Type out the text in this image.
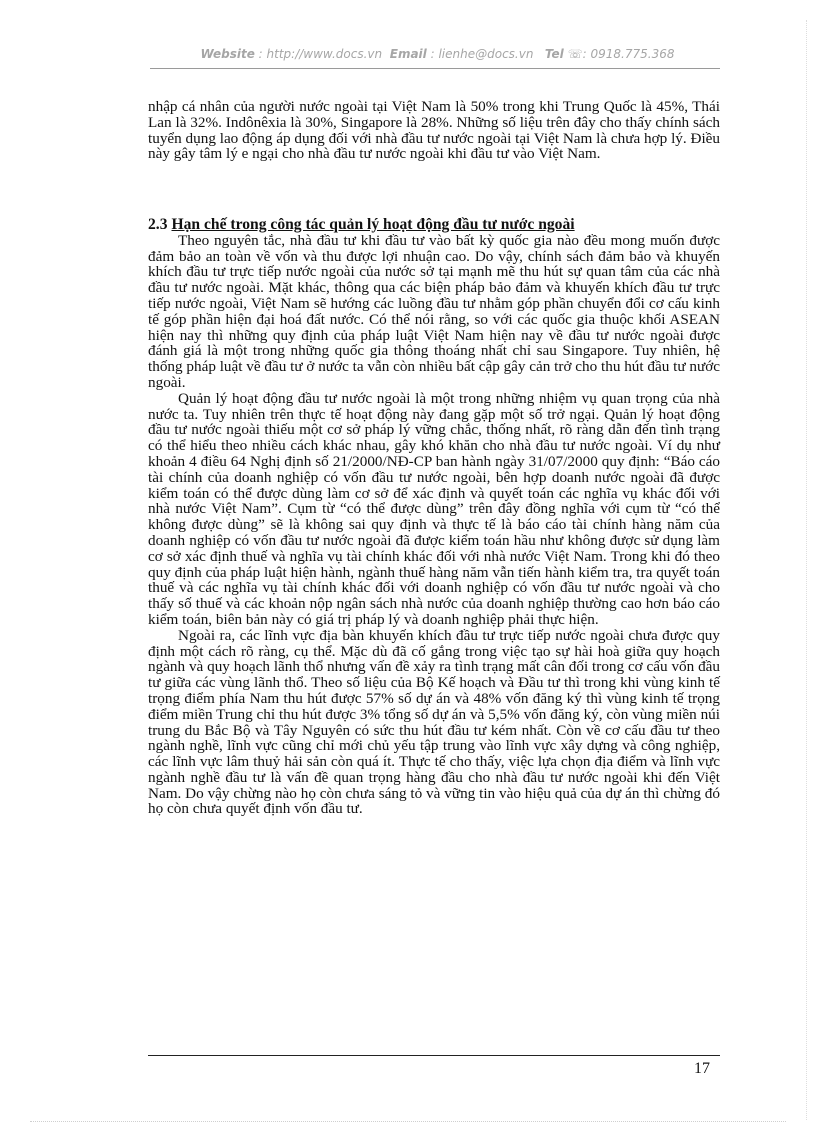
Website : http://www.docs.vn Email : lienhe@docs.vn Tel ☏: 0918.775.368

nhập cá nhân của người nước ngoài tại Việt Nam là 50% trong khi Trung Quốc là 45%, Thái Lan là 32%. Indônêxia là 30%, Singapore là 28%. Những số liệu trên đây cho thấy chính sách tuyển dụng lao động áp dụng đối với nhà đầu tư nước ngoài tại Việt Nam là chưa hợp lý. Điều này gây tâm lý e ngại cho nhà đầu tư nước ngoài khi đầu tư vào Việt Nam.

2.3 Hạn chế trong công tác quản lý hoạt động đầu tư nước ngoài

Theo nguyên tắc, nhà đầu tư khi đầu tư vào bất kỳ quốc gia nào đều mong muốn được đảm bảo an toàn về vốn và thu được lợi nhuận cao. Do vậy, chính sách đảm bảo và khuyến khích đầu tư trực tiếp nước ngoài của nước sở tại mạnh mẽ thu hút sự quan tâm của các nhà đầu tư nước ngoài. Mặt khác, thông qua các biện pháp bảo đảm và khuyến khích đầu tư trực tiếp nước ngoài, Việt Nam sẽ hướng các luồng đầu tư nhằm góp phần chuyển đổi cơ cấu kinh tế góp phần hiện đại hoá đất nước. Có thể nói rằng, so với các quốc gia thuộc khối ASEAN hiện nay thì những quy định của pháp luật Việt Nam hiện nay về đầu tư nước ngoài được đánh giá là một trong những quốc gia thông thoáng nhất chỉ sau Singapore. Tuy nhiên, hệ thống pháp luật về đầu tư ở nước ta vẫn còn nhiều bất cập gây cản trở cho thu hút đầu tư nước ngoài.

Quản lý hoạt động đầu tư nước ngoài là một trong những nhiệm vụ quan trọng của nhà nước ta. Tuy nhiên trên thực tế hoạt động này đang gặp một số trở ngại. Quản lý hoạt động đầu tư nước ngoài thiếu một cơ sở pháp lý vững chắc, thống nhất, rõ ràng dẫn đến tình trạng có thể hiểu theo nhiều cách khác nhau, gây khó khăn cho nhà đầu tư nước ngoài. Ví dụ như khoản 4 điều 64 Nghị định số 21/2000/NĐ-CP ban hành ngày 31/07/2000 quy định: “Báo cáo tài chính của doanh nghiệp có vốn đầu tư nước ngoài, bên hợp doanh nước ngoài đã được kiểm toán có thể được dùng làm cơ sở để xác định và quyết toán các nghĩa vụ khác đối với nhà nước Việt Nam”. Cụm từ “có thể được dùng” trên đây đồng nghĩa với cụm từ “có thể không được dùng” sẽ là không sai quy định và thực tế là báo cáo tài chính hàng năm của doanh nghiệp có vốn đầu tư nước ngoài đã được kiểm toán hầu như không được sử dụng làm cơ sở xác định thuế và nghĩa vụ tài chính khác đối với nhà nước Việt Nam. Trong khi đó theo quy định của pháp luật hiện hành, ngành thuế hàng năm vẫn tiến hành kiểm tra, tra quyết toán thuế và các nghĩa vụ tài chính khác đối với doanh nghiệp có vốn đầu tư nước ngoài và cho thấy số thuế và các khoản nộp ngân sách nhà nước của doanh nghiệp thường cao hơn báo cáo kiểm toán, biên bản này có giá trị pháp lý và doanh nghiệp phải thực hiện.

Ngoài ra, các lĩnh vực địa bàn khuyến khích đầu tư trực tiếp nước ngoài chưa được quy định một cách rõ ràng, cụ thể. Mặc dù đã cố gắng trong việc tạo sự hài hoà giữa quy hoạch ngành và quy hoạch lãnh thổ nhưng vấn đề xảy ra tình trạng mất cân đối trong cơ cấu vốn đầu tư giữa các vùng lãnh thổ. Theo số liệu của Bộ Kế hoạch và Đầu tư thì trong khi vùng kinh tế trọng điểm phía Nam thu hút được 57% số dự án và 48% vốn đăng ký thì vùng kinh tế trọng điểm miền Trung chỉ thu hút được 3% tổng số dự án và 5,5% vốn đăng ký, còn vùng miền núi trung du Bắc Bộ và Tây Nguyên có sức thu hút đầu tư kém nhất. Còn về cơ cấu đầu tư theo ngành nghề, lĩnh vực cũng chỉ mới chủ yếu tập trung vào lĩnh vực xây dựng và công nghiệp, các lĩnh vực lâm thuỷ hải sản còn quá ít. Thực tế cho thấy, việc lựa chọn địa điểm và lĩnh vực ngành nghề đầu tư là vấn đề quan trọng hàng đầu cho nhà đầu tư nước ngoài khi đến Việt Nam. Do vậy chừng nào họ còn chưa sáng tỏ và vững tin vào hiệu quả của dự án thì chừng đó họ còn chưa quyết định vốn đầu tư.

17
